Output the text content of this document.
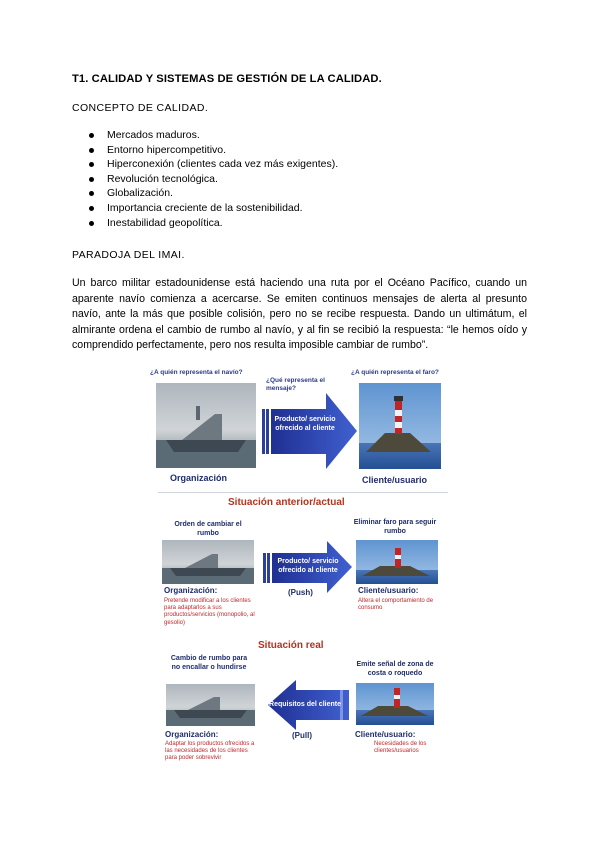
T1. CALIDAD Y SISTEMAS DE GESTIÓN DE LA CALIDAD.
CONCEPTO DE CALIDAD.
Mercados maduros.
Entorno hipercompetitivo.
Hiperconexión (clientes cada vez más exigentes).
Revolución tecnológica.
Globalización.
Importancia creciente de la sostenibilidad.
Inestabilidad geopolítica.
PARADOJA DEL IMAI.
Un barco militar estadounidense está haciendo una ruta por el Océano Pacífico, cuando un aparente navío comienza a acercarse. Se emiten continuos mensajes de alerta al presunto navío, ante la más que posible colisión, pero no se recibe respuesta. Dando un ultimátum, el almirante ordena el cambio de rumbo al navío, y al fin se recibió la respuesta: “le hemos oído y comprendido perfectamente, pero nos resulta imposible cambiar de rumbo”.
¿A quién representa el navío?
¿Qué representa el mensaje?
¿A quién representa el faro?
Producto/ servicio ofrecido al cliente
Organización	Cliente/usuario
Situación anterior/actual
Orden de cambiar el rumbo
Eliminar faro para seguir rumbo
Producto/ servicio ofrecido al cliente
(Push)
Organización:
Pretende modificar a los clientes para adaptarlos a sus productos/servicios (monopolio, al gesolio)
Cliente/usuario:
Altera el comportamiento de consumo
Situación real
Cambio de rumbo para no encallar o hundirse	Emite señal de zona de costa o roquedo
Requisitos del cliente
(Pull)
Organización:
Adaptar los productos ofrecidos a las necesidades de los clientes para poder sobrevivir
Cliente/usuario:
Necesidades de los clientes/usuarios
